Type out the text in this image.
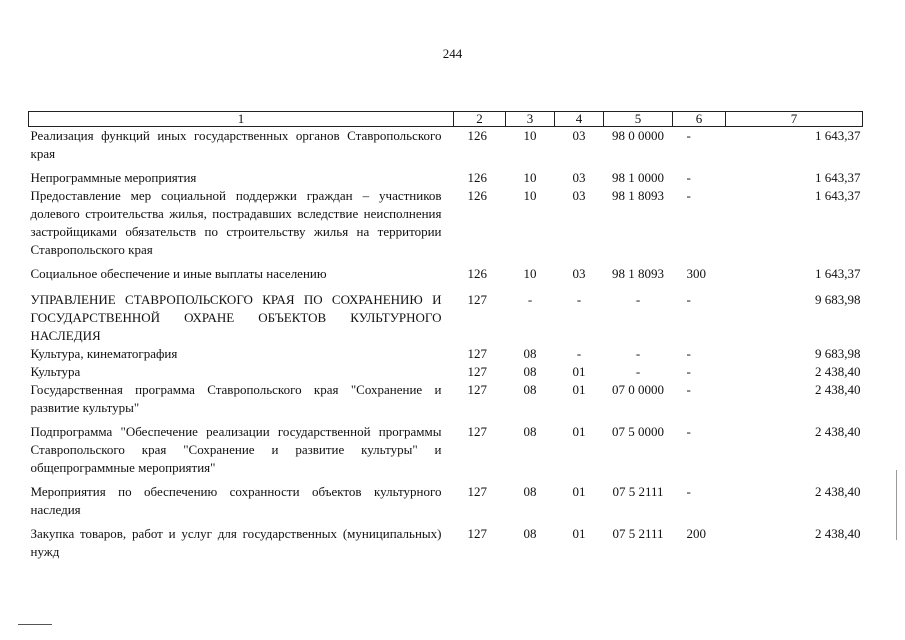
244
1	2	3	4	5	6	7
Реализация функций иных государственных органов Ставропольского края	126	10	03	98 0 0000	-	1 643,37
Непрограммные мероприятия	126	10	03	98 1 0000	-	1 643,37
Предоставление мер социальной поддержки граждан – участников долевого строительства жилья, пострадавших вследствие неисполнения застройщиками обязательств по строительству жилья на территории Ставропольского края	126	10	03	98 1 8093	-	1 643,37
Социальное обеспечение и иные выплаты населению	126	10	03	98 1 8093	300	1 643,37
УПРАВЛЕНИЕ СТАВРОПОЛЬСКОГО КРАЯ ПО СОХРАНЕНИЮ И ГОСУДАРСТВЕННОЙ ОХРАНЕ ОБЪЕКТОВ КУЛЬТУРНОГО НАСЛЕДИЯ	127	-	-	-	-	9 683,98
Культура, кинематография	127	08	-	-	-	9 683,98
Культура	127	08	01	-	-	2 438,40
Государственная программа Ставропольского края "Сохранение и развитие культуры"	127	08	01	07 0 0000	-	2 438,40
Подпрограмма "Обеспечение реализации государственной программы Ставропольского края "Сохранение и развитие культуры" и общепрограммные мероприятия"	127	08	01	07 5 0000	-	2 438,40
Мероприятия по обеспечению сохранности объектов культурного наследия	127	08	01	07 5 2111	-	2 438,40
Закупка товаров, работ и услуг для государственных (муниципальных) нужд	127	08	01	07 5 2111	200	2 438,40
